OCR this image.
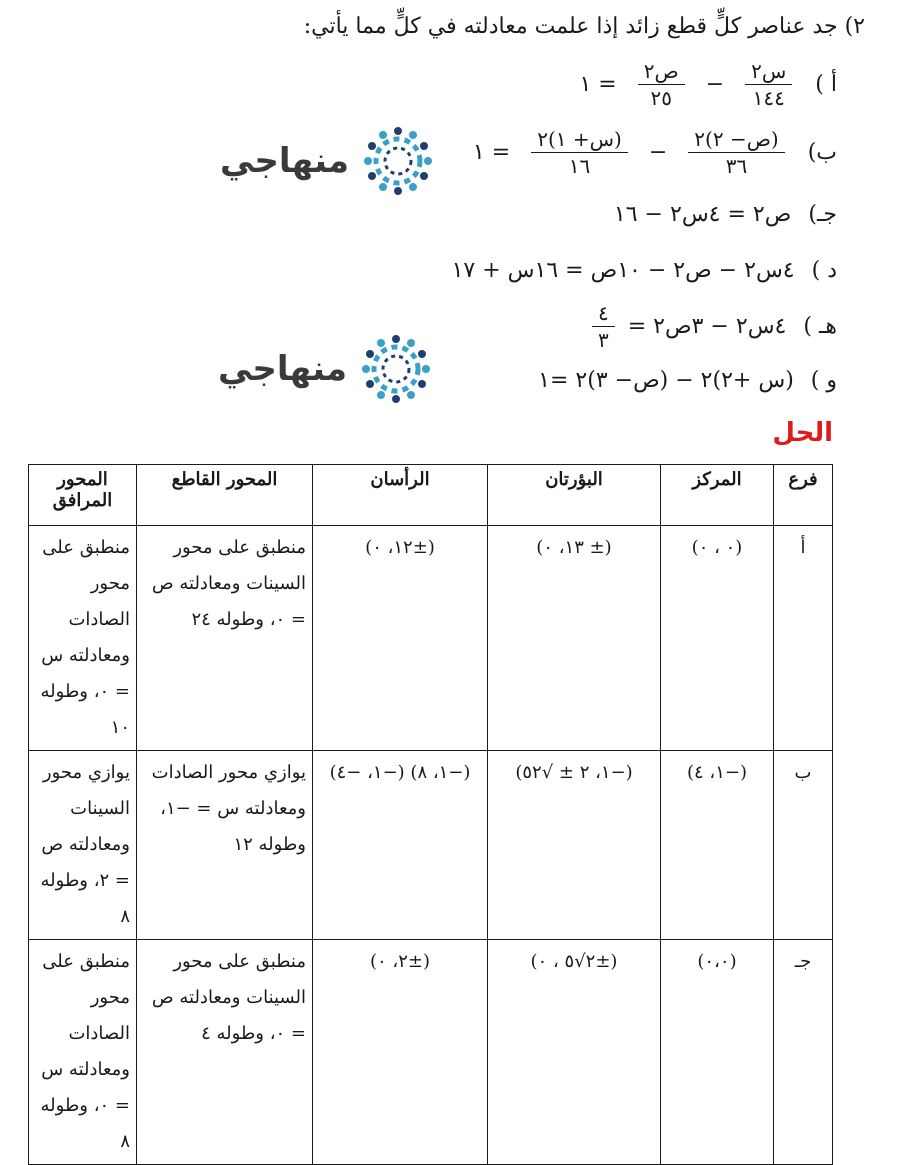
٢) جد عناصر كلٍّ قطع زائد إذا علمت معادلته في كلٍّ مما يأتي:
أ )
$\frac{\text{س٢}}{١٤٤}$
−
$\frac{\text{ص٢}}{٢٥}$
= ١
ب)
$\frac{\text{(ص− ٢)٢}}{٣٦}$
−
$\frac{\text{(س+ ١)٢}}{١٦}$
= ١
جـ) ص٢ = ٤س٢ − ١٦
د ) ٤س٢ − ص٢ − ١٠ص = ١٦س + ١٧
هـ ) ٤س٢ − ٣ص٢ =
$\frac{٤}{٣}$
و ) (س +٢)٢ − (ص− ٣)٢ =١
منهاجي
منهاجي
الحل
فرع	المركز	البؤرتان	الرأسان	المحور القاطع	المحور المرافق
أ	(٠ ، ٠)	(± ١٣، ٠)	(±١٢، ٠)	منطبق على محور السينات ومعادلته ص = ٠، وطوله ٢٤	منطبق على محور الصادات ومعادلته س = ٠، وطوله ١٠
ب	(−١، ٤)	(−١، ٢ ± √٥٢)	(−١، ٨) (−١، −٤)	يوازي محور الصادات ومعادلته س = −١، وطوله ١٢	يوازي محور السينات ومعادلته ص = ٢، وطوله ٨
جـ	(٠،٠)	(±٢√٥ ، ٠)	(±٢، ٠)	منطبق على محور السينات ومعادلته ص = ٠، وطوله ٤	منطبق على محور الصادات ومعادلته س = ٠، وطوله ٨
